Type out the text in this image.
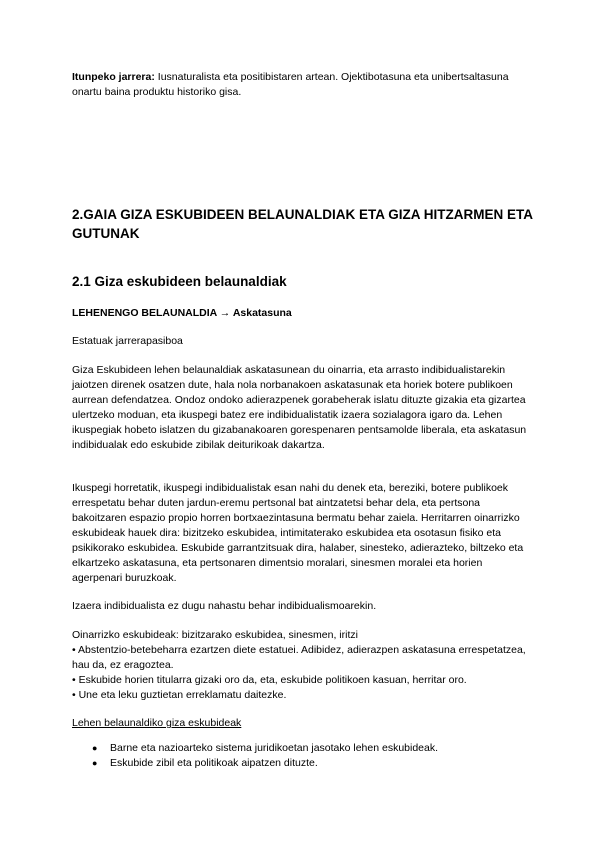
Itunpeko jarrera: Iusnaturalista eta positibistaren artean. Ojektibotasuna eta unibertsaltasuna onartu baina produktu historiko gisa.
2.GAIA GIZA ESKUBIDEEN BELAUNALDIAK ETA GIZA HITZARMEN ETA GUTUNAK
2.1 Giza eskubideen belaunaldiak
LEHENENGO BELAUNALDIA → Askatasuna
Estatuak jarrerapasiboa
Giza Eskubideen lehen belaunaldiak askatasunean du oinarria, eta arrasto indibidualistarekin jaiotzen direnek osatzen dute, hala nola norbanakoen askatasunak eta horiek botere publikoen aurrean defendatzea. Ondoz ondoko adierazpenek gorabeherak islatu dituzte gizakia eta gizartea ulertzeko moduan, eta ikuspegi batez ere indibidualistatik izaera sozialagora igaro da. Lehen ikuspegiak hobeto islatzen du gizabanakoaren gorespenaren pentsamolde liberala, eta askatasun indibidualak edo eskubide zibilak deiturikoak dakartza.
Ikuspegi horretatik, ikuspegi indibidualistak esan nahi du denek eta, bereziki, botere publikoek errespetatu behar duten jardun-eremu pertsonal bat aintzatetsi behar dela, eta pertsona bakoitzaren espazio propio horren bortxaezintasuna bermatu behar zaiela. Herritarren oinarrizko eskubideak hauek dira: bizitzeko eskubidea, intimitaterako eskubidea eta osotasun fisiko eta psikikorako eskubidea. Eskubide garrantzitsuak dira, halaber, sinesteko, adierazteko, biltzeko eta elkartzeko askatasuna, eta pertsonaren dimentsio moralari, sinesmen moralei eta horien agerpenari buruzkoak.
Izaera indibidualista ez dugu nahastu behar indibidualismoarekin.

Oinarrizko eskubideak: bizitzarako eskubidea, sinesmen, iritzi

• Abstentzio-betebeharra ezartzen diete estatuei. Adibidez, adierazpen askatasuna errespetatzea, hau da, ez eragoztea.

• Eskubide horien titularra gizaki oro da, eta, eskubide politikoen kasuan, herritar oro.

• Une eta leku guztietan erreklamatu daitezke.

Lehen belaunaldiko giza eskubideak
● Barne eta nazioarteko sistema juridikoetan jasotako lehen eskubideak.
● Eskubide zibil eta politikoak aipatzen dituzte.
